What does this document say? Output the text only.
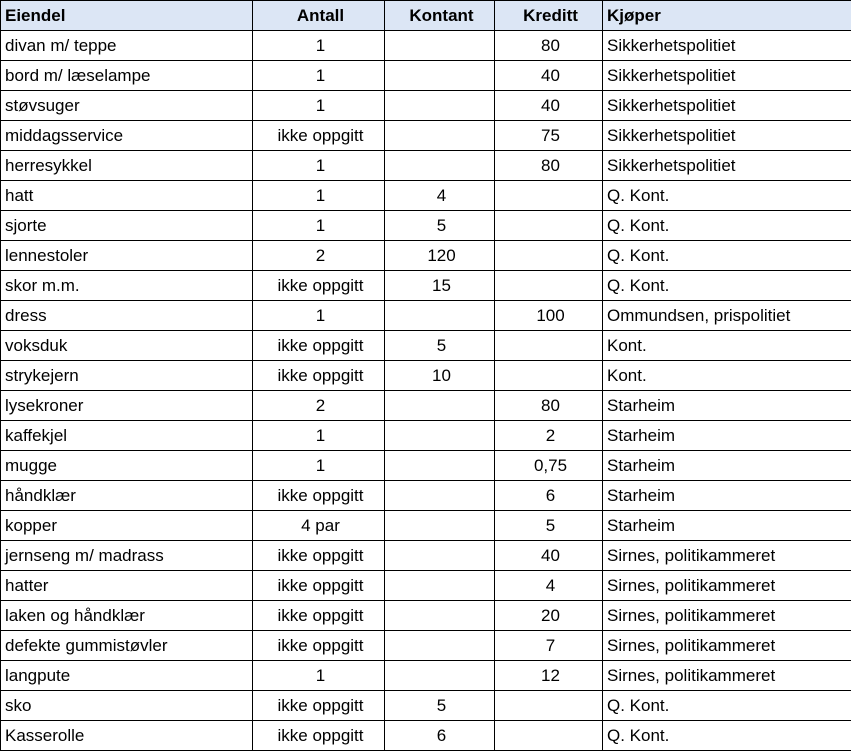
Eiendel	Antall	Kontant	Kreditt	Kjøper
divan m/ teppe	1		80	Sikkerhetspolitiet
bord m/ læselampe	1		40	Sikkerhetspolitiet
støvsuger	1		40	Sikkerhetspolitiet
middagsservice	ikke oppgitt		75	Sikkerhetspolitiet
herresykkel	1		80	Sikkerhetspolitiet
hatt	1	4		Q. Kont.
sjorte	1	5		Q. Kont.
lennestoler	2	120		Q. Kont.
skor m.m.	ikke oppgitt	15		Q. Kont.
dress	1		100	Ommundsen, prispolitiet
voksduk	ikke oppgitt	5		Kont.
strykejern	ikke oppgitt	10		Kont.
lysekroner	2		80	Starheim
kaffekjel	1		2	Starheim
mugge	1		0,75	Starheim
håndklær	ikke oppgitt		6	Starheim
kopper	4 par		5	Starheim
jernseng m/ madrass	ikke oppgitt		40	Sirnes, politikammeret
hatter	ikke oppgitt		4	Sirnes, politikammeret
laken og håndklær	ikke oppgitt		20	Sirnes, politikammeret
defekte gummistøvler	ikke oppgitt		7	Sirnes, politikammeret
langpute	1		12	Sirnes, politikammeret
sko	ikke oppgitt	5		Q. Kont.
Kasserolle	ikke oppgitt	6		Q. Kont.
